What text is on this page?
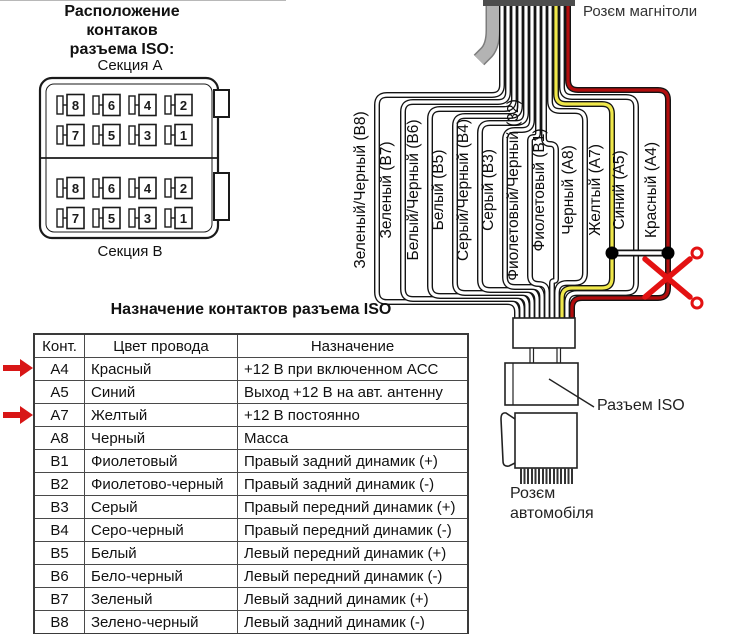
Зеленый/Черный (В8) Зеленый (В7) Белый/Черный (В6) Белый (В5) Серый/Черный (В4) Серый (В3) Фиолетовый/Черный (32) Фиолетовый (В1) Черный (А8) Желтый (А7) Синий (А5) Красный (А4)
8 6 4 2
7 5 3 1
8 6 4 2
7 5 3 1
Расположение
контаков
разъема ISO:
Секция A
Секция B
Назначение контактов разъема ISO
Конт.	Цвет провода	Назначение
A4	Красный	+12 В при включенном ACC
A5	Синий	Выход +12 В на авт. антенну
A7	Желтый	+12 В постоянно
A8	Черный	Масса
B1	Фиолетовый	Правый задний динамик (+)
B2	Фиолетово-черный	Правый задний динамик (-)
B3	Серый	Правый передний динамик (+)
B4	Серо-черный	Правый передний динамик (-)
B5	Белый	Левый передний динамик (+)
B6	Бело-черный	Левый передний динамик (-)
B7	Зеленый	Левый задний динамик (+)
B8	Зелено-черный	Левый задний динамик (-)
Розєм магнітоли
Разъем ISO
Розєм
автомобіля
